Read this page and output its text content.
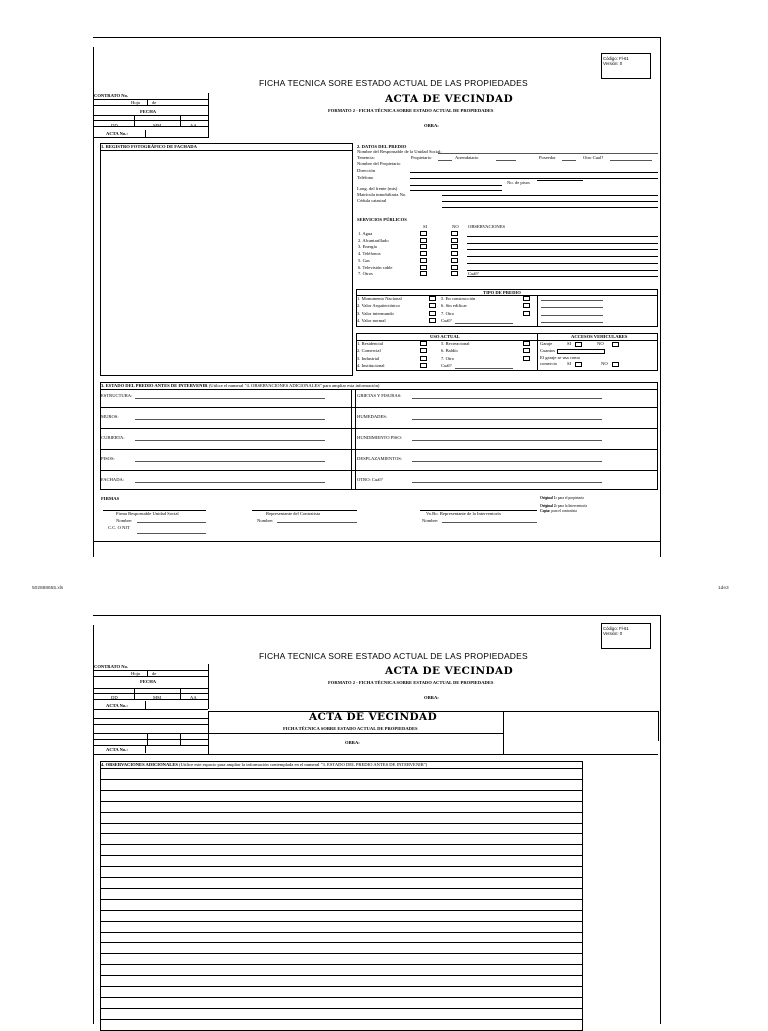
Código: Fl-61
Versión: 0
FICHA TECNICA SORE ESTADO ACTUAL DE LAS PROPIEDADES
ACTA DE VECINDAD
FORMATO 2 - FICHA TÉCNICA SOBRE ESTADO ACTUAL DE PROPIEDADES
OBRA:
CONTRATO No.
Hoja	de
FECHA
DD	MM	AA
ACTA No.:
1. REGISTRO FOTOGRÁFICO DE FACHADA	2. DATOS DEL PREDIO
Nombre del Responsable de la Unidad Social:
Tenencia:	Propietario	Arrendatario	Poseedor	Otro Cual?
Nombre del Propietario
Dirección
Teléfono
No. de pisos
Long. del frente (mts)
Matrícula inmobiliaria No.
Cédula catastral
SERVICIOS PÚBLICOS
SI	NO OBSERVACIONES
1. Agua
2. Alcantarillado
3. Energía
4. Teléfonos
5. Gas
6. Televisión cable
7. Otros	Cuál?
TIPO DE PREDIO
1. Monumento Nacional	5. En construcción
2. Valor Arquitectónico	6. Sin edificar
3. Valor intermundo	7. Otro
4. Valor normal	Cuál?
USO ACTUAL	ACCESOS VEHICULARES
1. Residencial	5. Recreacional
2. Comercial	6. Baldío
3. Industrial	7. Otro
4. Institucional	Cuál?
Garaje	SI	NO
Cuantos
El garaje se usa como
comercio SI	NO
3. ESTADO DEL PREDIO ANTES DE INTERVENIR (Utilice el numeral "4. OBSERVACIONES ADICIONALES" para ampliar esta información)
ESTRUCTURA:	GRIETAS Y FISURAS:
MUROS:	HUMEDADES:
CUBIERTA:	HUNDIMIENTO PISO:
PISOS:	DESPLAZAMIENTOS:
FACHADA:	OTRO: Cuál?
FIRMAS
Firma Responsable Unidad Social
Nombre:
C.C. O NIT
Representante del Contratista
Nombre:
Vo.Bo. Representante de la Interventoría
Nombre:
Original 1: para el propietario
Original 2: para la Interventoría
Copia: para el contratista
502888655.xls	1de3
Código: Fl-61
Versión: 0
FICHA TECNICA SORE ESTADO ACTUAL DE LAS PROPIEDADES
ACTA DE VECINDAD
FORMATO 2 - FICHA TÉCNICA SOBRE ESTADO ACTUAL DE PROPIEDADES
OBRA:
CONTRATO No.
Hoja	de
FECHA
DD	MM	AA
ACTA No.:
ACTA DE VECINDAD
FICHA TÉCNICA SOBRE ESTADO ACTUAL DE PROPIEDADES
OBRA:
ACTA No.:
4. OBSERVACIONES ADICIONALES (Utilice este espacio para ampliar la información contemplada en el numeral "3. ESTADO DEL PREDIO ANTES DE INTERVENIR")
